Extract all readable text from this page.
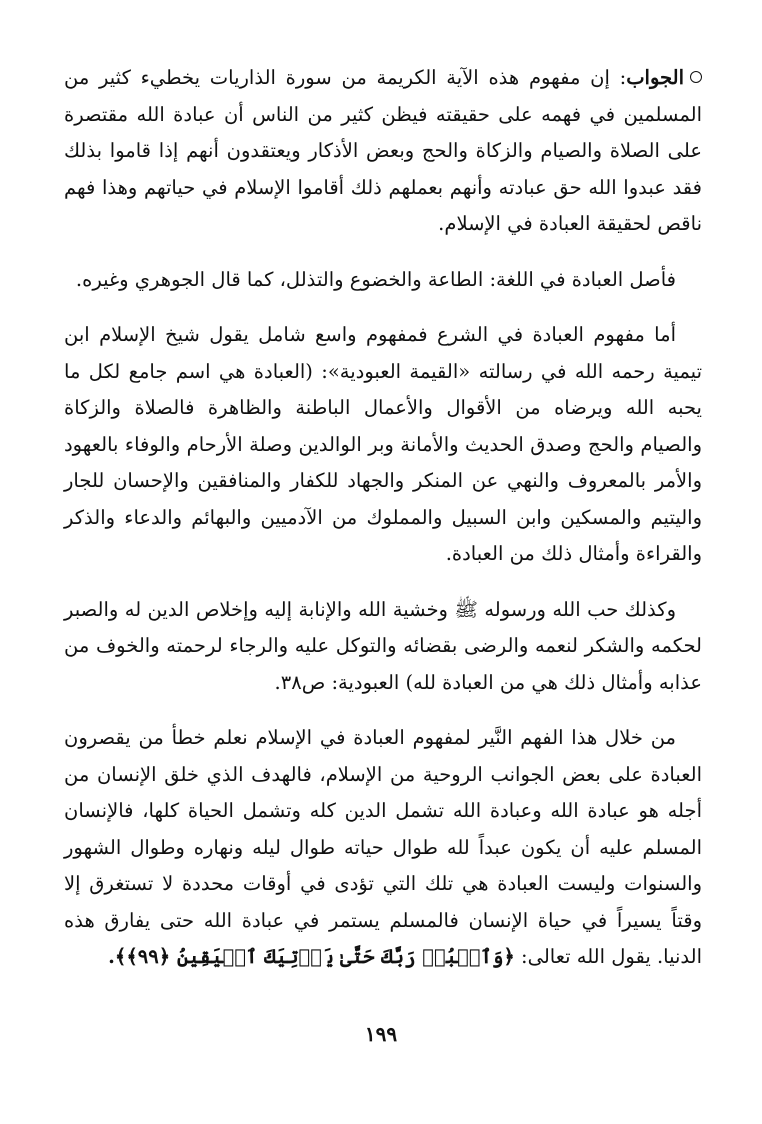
الجواب: إن مفهوم هذه الآية الكريمة من سورة الذاريات يخطيء كثير من المسلمين في فهمه على حقيقته فيظن كثير من الناس أن عبادة الله مقتصرة على الصلاة والصيام والزكاة والحج وبعض الأذكار ويعتقدون أنهم إذا قاموا بذلك فقد عبدوا الله حق عبادته وأنهم بعملهم ذلك أقاموا الإسلام في حياتهم وهذا فهم ناقص لحقيقة العبادة في الإسلام.

فأصل العبادة في اللغة: الطاعة والخضوع والتذلل، كما قال الجوهري وغيره.

أما مفهوم العبادة في الشرع فمفهوم واسع شامل يقول شيخ الإسلام ابن تيمية رحمه الله في رسالته «القيمة العبودية»: (العبادة هي اسم جامع لكل ما يحبه الله ويرضاه من الأقوال والأعمال الباطنة والظاهرة فالصلاة والزكاة والصيام والحج وصدق الحديث والأمانة وبر الوالدين وصلة الأرحام والوفاء بالعهود والأمر بالمعروف والنهي عن المنكر والجهاد للكفار والمنافقين والإحسان للجار واليتيم والمسكين وابن السبيل والمملوك من الآدميين والبهائم والدعاء والذكر والقراءة وأمثال ذلك من العبادة.

وكذلك حب الله ورسوله ﷺ وخشية الله والإنابة إليه وإخلاص الدين له والصبر لحكمه والشكر لنعمه والرضى بقضائه والتوكل عليه والرجاء لرحمته والخوف من عذابه وأمثال ذلك هي من العبادة لله) العبودية: ص٣٨.

من خلال هذا الفهم النَّير لمفهوم العبادة في الإسلام نعلم خطأ من يقصرون العبادة على بعض الجوانب الروحية من الإسلام، فالهدف الذي خلق الإنسان من أجله هو عبادة الله وعبادة الله تشمل الدين كله وتشمل الحياة كلها، فالإنسان المسلم عليه أن يكون عبداً لله طوال حياته طوال ليله ونهاره وطوال الشهور والسنوات وليست العبادة هي تلك التي تؤدى في أوقات محددة لا تستغرق إلا وقتاً يسيراً في حياة الإنسان فالمسلم يستمر في عبادة الله حتى يفارق هذه الدنيا. يقول الله تعالى: ﴿وَٱعۡبُدۡ رَبَّكَ حَتَّىٰ يَأۡتِيَكَ ٱلۡيَقِينُ ﴿٩٩﴾﴾.

١٩٩
